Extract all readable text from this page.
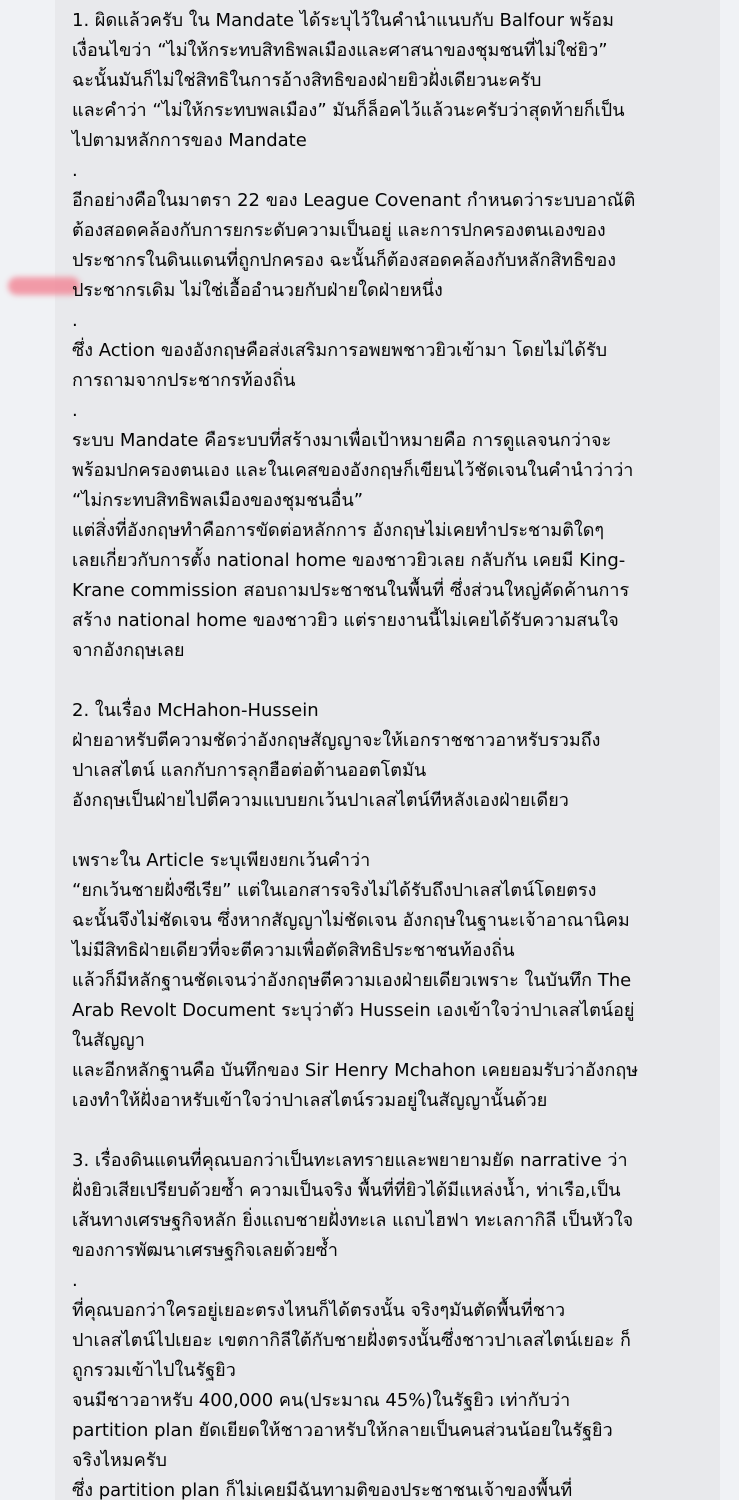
1. ผิดแล้วครับ ใน Mandate ได้ระบุไว้ในคำนำแนบกับ Balfour พร้อม
เงื่อนไขว่า “ไม่ให้กระทบสิทธิพลเมืองและศาสนาของชุมชนที่ไม่ใช่ยิว”
ฉะนั้นมันก็ไม่ใช่สิทธิในการอ้างสิทธิของฝ่ายยิวฝั่งเดียวนะครับ
และคำว่า “ไม่ให้กระทบพลเมือง” มันก็ล็อคไว้แล้วนะครับว่าสุดท้ายก็เป็น
ไปตามหลักการของ Mandate
.
อีกอย่างคือในมาตรา 22 ของ League Covenant กำหนดว่าระบบอาณัติ
ต้องสอดคล้องกับการยกระดับความเป็นอยู่ และการปกครองตนเองของ
ประชากรในดินแดนที่ถูกปกครอง ฉะนั้นก็ต้องสอดคล้องกับหลักสิทธิของ
ประชากรเดิม ไม่ใช่เอื้ออำนวยกับฝ่ายใดฝ่ายหนึ่ง
.
ซึ่ง Action ของอังกฤษคือส่งเสริมการอพยพชาวยิวเข้ามา โดยไม่ได้รับ
การถามจากประชากรท้องถิ่น
.
ระบบ Mandate คือระบบที่สร้างมาเพื่อเป้าหมายคือ การดูแลจนกว่าจะ
พร้อมปกครองตนเอง และในเคสของอังกฤษก็เขียนไว้ชัดเจนในคำนำว่าว่า
“ไม่กระทบสิทธิพลเมืองของชุมชนอื่น”
แต่สิ่งที่อังกฤษทำคือการขัดต่อหลักการ อังกฤษไม่เคยทำประชามติใดๆ
เลยเกี่ยวกับการตั้ง national home ของชาวยิวเลย กลับกัน เคยมี King-
Krane commission สอบถามประชาชนในพื้นที่ ซึ่งส่วนใหญ่คัดค้านการ
สร้าง national home ของชาวยิว แต่รายงานนี้ไม่เคยได้รับความสนใจ
จากอังกฤษเลย
2. ในเรื่อง McHahon-Hussein
ฝ่ายอาหรับตีความชัดว่าอังกฤษสัญญาจะให้เอกราชชาวอาหรับรวมถึง
ปาเลสไตน์ แลกกับการลุกฮือต่อต้านออตโตมัน
อังกฤษเป็นฝ่ายไปตีความแบบยกเว้นปาเลสไตน์ทีหลังเองฝ่ายเดียว
เพราะใน Article ระบุเพียงยกเว้นคำว่า
“ยกเว้นชายฝั่งซีเรีย” แต่ในเอกสารจริงไม่ได้รับถึงปาเลสไตน์โดยตรง
ฉะนั้นจึงไม่ชัดเจน ซึ่งหากสัญญาไม่ชัดเจน อังกฤษในฐานะเจ้าอาณานิคม
ไม่มีสิทธิฝ่ายเดียวที่จะตีความเพื่อตัดสิทธิประชาชนท้องถิ่น
แล้วก็มีหลักฐานชัดเจนว่าอังกฤษตีความเองฝ่ายเดียวเพราะ ในบันทึก The
Arab Revolt Document ระบุว่าตัว Hussein เองเข้าใจว่าปาเลสไตน์อยู่
ในสัญญา
และอีกหลักฐานคือ บันทึกของ Sir Henry Mchahon เคยยอมรับว่าอังกฤษ
เองทำให้ฝั่งอาหรับเข้าใจว่าปาเลสไตน์รวมอยู่ในสัญญานั้นด้วย
3. เรื่องดินแดนที่คุณบอกว่าเป็นทะเลทรายและพยายามยัด narrative ว่า
ฝั่งยิวเสียเปรียบด้วยซ้ำ ความเป็นจริง พื้นที่ที่ยิวได้มีแหล่งน้ำ, ท่าเรือ,เป็น
เส้นทางเศรษฐกิจหลัก ยิ่งแถบชายฝั่งทะเล แถบไฮฟา ทะเลกากิลี เป็นหัวใจ
ของการพัฒนาเศรษฐกิจเลยด้วยซ้ำ
.
ที่คุณบอกว่าใครอยู่เยอะตรงไหนก็ได้ตรงนั้น จริงๆมันตัดพื้นที่ชาว
ปาเลสไตน์ไปเยอะ เขตกากิลีใต้กับชายฝั่งตรงนั้นซึ่งชาวปาเลสไตน์เยอะ ก็
ถูกรวมเข้าไปในรัฐยิว
จนมีชาวอาหรับ 400,000 คน(ประมาณ 45%)ในรัฐยิว เท่ากับว่า
partition plan ยัดเยียดให้ชาวอาหรับให้กลายเป็นคนส่วนน้อยในรัฐยิว
จริงไหมครับ
ซึ่ง partition plan ก็ไม่เคยมีฉันทามติของประชาชนเจ้าของพื้นที่
